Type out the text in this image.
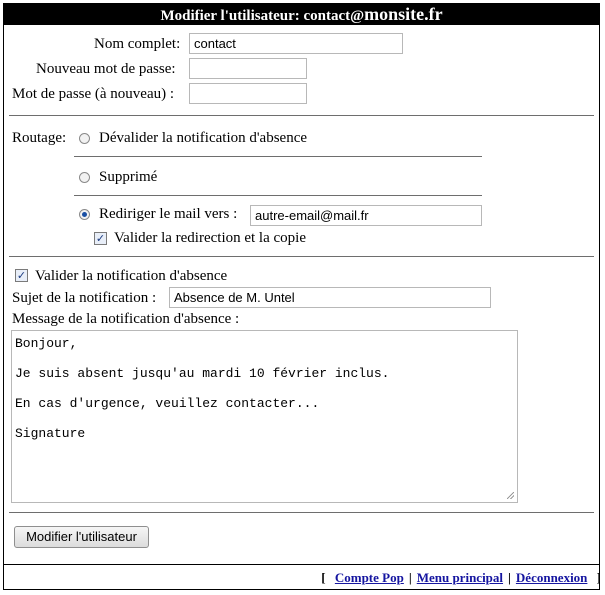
Modifier l'utilisateur: contact@monsite.fr
Nom complet:	contact
Nouveau mot de passe:
Mot de passe (à nouveau) :
Routage: Dévalider la notification d'absence
Supprimé
Rediriger le mail vers :	autre-email@mail.fr
✓ Valider la redirection et la copie
✓ Valider la notification d'absence
Sujet de la notification :	Absence de M. Untel
Message de la notification d'absence :
Bonjour,

Je suis absent jusqu'au mardi 10 février inclus.

En cas d'urgence, veuillez contacter...

Signature
Modifier l'utilisateur
[ Compte Pop | Menu principal | Déconnexion ]
